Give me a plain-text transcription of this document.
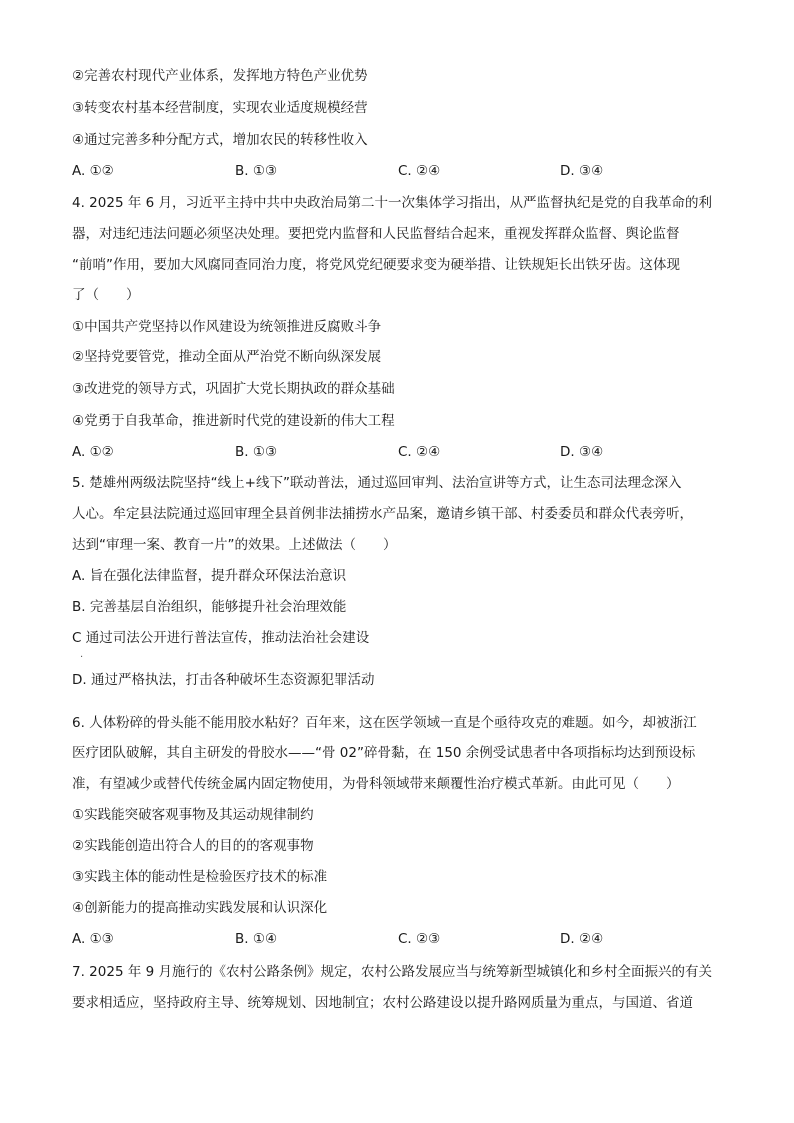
②完善农村现代产业体系，发挥地方特色产业优势
③转变农村基本经营制度，实现农业适度规模经营
④通过完善多种分配方式，增加农民的转移性收入
A. ①②	B. ①③	C. ②④	D. ③④
4. 2025 年 6 月，习近平主持中共中央政治局第二十一次集体学习指出，从严监督执纪是党的自我革命的利
器，对违纪违法问题必须坚决处理。要把党内监督和人民监督结合起来，重视发挥群众监督、舆论监督
“前哨”作用，要加大风腐同查同治力度，将党风党纪硬要求变为硬举措、让铁规矩长出铁牙齿。这体现
了（　　）
①中国共产党坚持以作风建设为统领推进反腐败斗争
②坚持党要管党，推动全面从严治党不断向纵深发展
③改进党的领导方式，巩固扩大党长期执政的群众基础
④党勇于自我革命，推进新时代党的建设新的伟大工程
A. ①②	B. ①③	C. ②④	D. ③④
5. 楚雄州两级法院坚持“线上+线下”联动普法，通过巡回审判、法治宣讲等方式，让生态司法理念深入
人心。牟定县法院通过巡回审理全县首例非法捕捞水产品案，邀请乡镇干部、村委委员和群众代表旁听，
达到“审理一案、教育一片”的效果。上述做法（　　）
A. 旨在强化法律监督，提升群众环保法治意识
B. 完善基层自治组织，能够提升社会治理效能
C 通过司法公开进行普法宣传，推动法治社会建设
.
D. 通过严格执法，打击各种破坏生态资源犯罪活动
6. 人体粉碎的骨头能不能用胶水粘好？百年来，这在医学领域一直是个亟待攻克的难题。如今，却被浙江
医疗团队破解，其自主研发的骨胶水——“骨 02”碎骨黏，在 150 余例受试患者中各项指标均达到预设标
准，有望减少或替代传统金属内固定物使用，为骨科领域带来颠覆性治疗模式革新。由此可见（　　）
①实践能突破客观事物及其运动规律制约
②实践能创造出符合人的目的的客观事物
③实践主体的能动性是检验医疗技术的标准
④创新能力的提高推动实践发展和认识深化
A. ①③	B. ①④	C. ②③	D. ②④
7. 2025 年 9 月施行的《农村公路条例》规定，农村公路发展应当与统筹新型城镇化和乡村全面振兴的有关
要求相适应，坚持政府主导、统筹规划、因地制宜；农村公路建设以提升路网质量为重点，与国道、省道
